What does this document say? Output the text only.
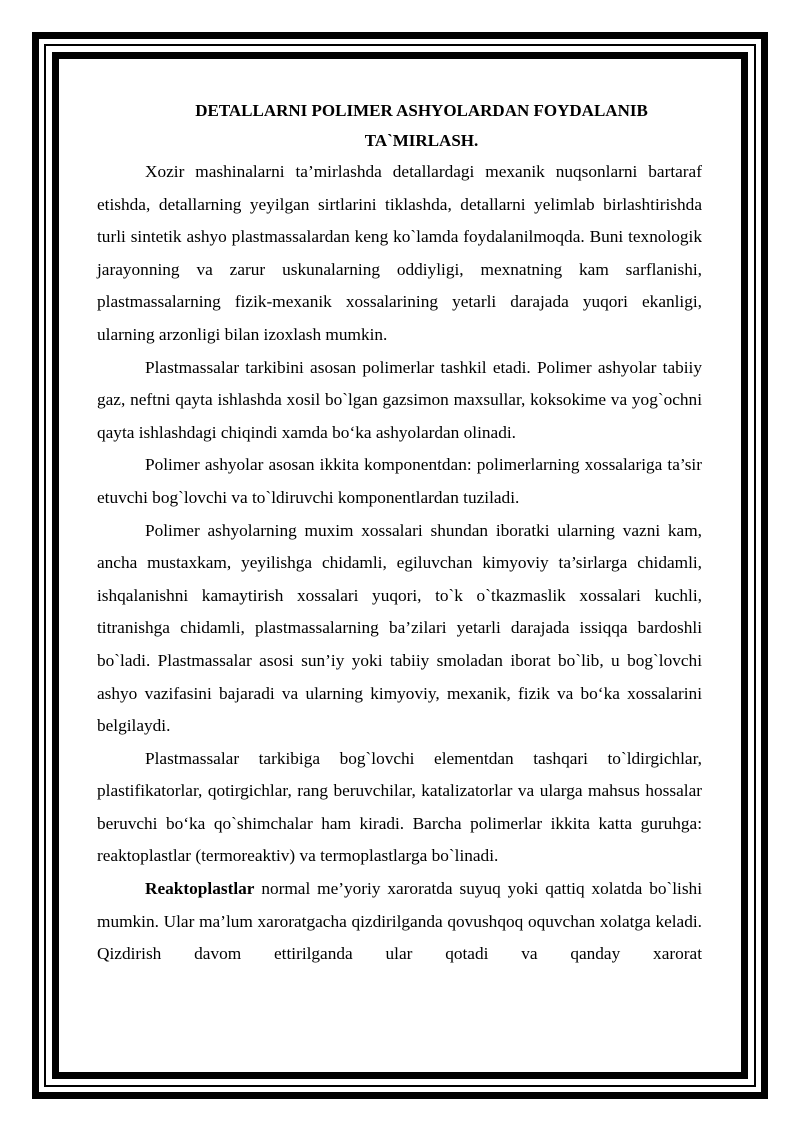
DETALLARNI POLIMER ASHYOLARDAN FOYDALANIB

TA`MIRLASH.

Xozir mashinalarni ta’mirlashda detallardagi mexanik nuqsonlarni bartaraf etishda, detallarning yeyilgan sirtlarini tiklashda, detallarni yelimlab birlashtirishda turli sintetik ashyo plastmassalardan keng ko`lamda foydalanilmoqda. Buni texnologik jarayonning va zarur uskunalarning oddiyligi, mexnatning kam sarflanishi, plastmassalarning fizik-mexanik xossalarining yetarli darajada yuqori ekanligi, ularning arzonligi bilan izoxlash mumkin.

Plastmassalar tarkibini asosan polimerlar tashkil etadi. Polimer ashyolar tabiiy gaz, neftni qayta ishlashda xosil bo`lgan gazsimon maxsullar, koksokime va yog`ochni qayta ishlashdagi chiqindi xamda boʻka ashyolardan olinadi.

Polimer ashyolar asosan ikkita komponentdan: polimerlarning xossalariga ta’sir etuvchi bog`lovchi va to`ldiruvchi komponentlardan tuziladi.

Polimer ashyolarning muxim xossalari shundan iboratki ularning vazni kam, ancha mustaxkam, yeyilishga chidamli, egiluvchan kimyoviy ta’sirlarga chidamli, ishqalanishni kamaytirish xossalari yuqori, to`k o`tkazmaslik xossalari kuchli, titranishga chidamli, plastmassalarning ba’zilari yetarli darajada issiqqa bardoshli bo`ladi. Plastmassalar asosi sun’iy yoki tabiiy smoladan iborat bo`lib, u bog`lovchi ashyo vazifasini bajaradi va ularning kimyoviy, mexanik, fizik va boʻka xossalarini belgilaydi.

Plastmassalar tarkibiga bog`lovchi elementdan tashqari to`ldirgichlar, plastifikatorlar, qotirgichlar, rang beruvchilar, katalizatorlar va ularga mahsus hossalar beruvchi boʻka qo`shimchalar ham kiradi. Barcha polimerlar ikkita katta guruhga: reaktoplastlar (termoreaktiv) va termoplastlarga bo`linadi.

Reaktoplastlar normal me’yoriy xaroratda suyuq yoki qattiq xolatda bo`lishi mumkin. Ular ma’lum xaroratgacha qizdirilganda qovushqoq oquvchan xolatga keladi. Qizdirish davom ettirilganda ular qotadi va qanday xarorat
